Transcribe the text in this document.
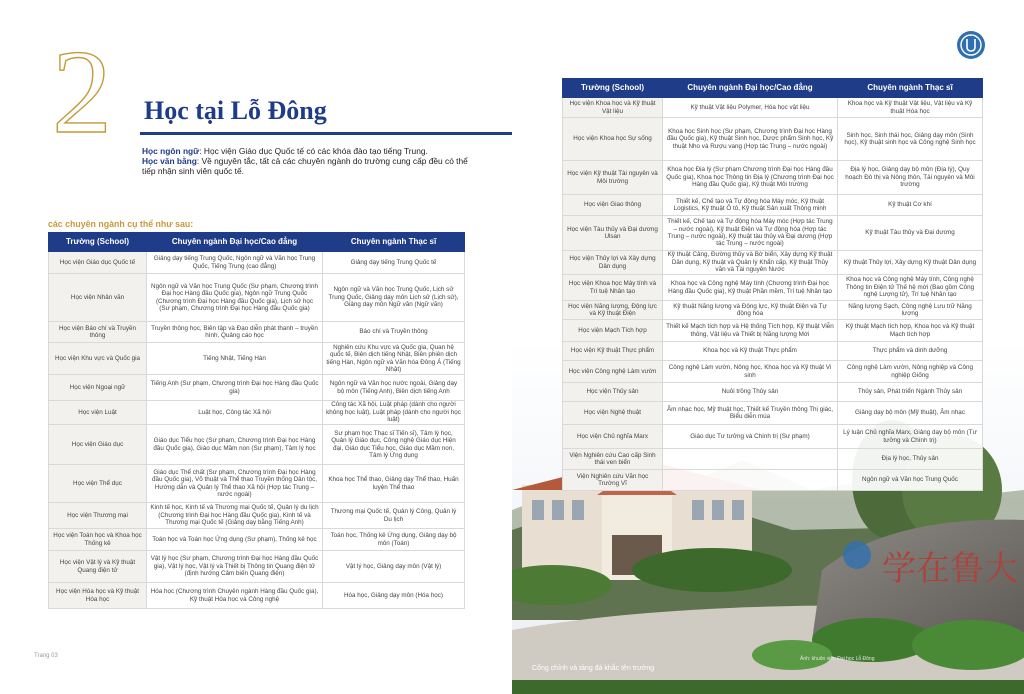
2 Học tại Lỗ Đông
Học ngôn ngữ: Học viện Giáo dục Quốc tế có các khóa đào tạo tiếng Trung.
Học văn bằng: Về nguyên tắc, tất cả các chuyên ngành do trường cung cấp đều có thể tiếp nhận sinh viên quốc tế.
các chuyên ngành cụ thể như sau:
Trường (School)	Chuyên ngành Đại học/Cao đẳng	Chuyên ngành Thạc sĩ
Học viện Giáo dục Quốc tế	Giảng dạy tiếng Trung Quốc, Ngôn ngữ và Văn học Trung Quốc, Tiếng Trung (cao đẳng)	Giảng dạy tiếng Trung Quốc tế
Học viện Nhân văn	Ngôn ngữ và Văn học Trung Quốc (Sư phạm, Chương trình Đại học Hàng đầu Quốc gia), Ngôn ngữ Trung Quốc (Chương trình Đại học Hàng đầu Quốc gia), Lịch sử học (Sư phạm, Chương trình Đại học Hàng đầu Quốc gia)	Ngôn ngữ và Văn học Trung Quốc, Lịch sử Trung Quốc, Giảng dạy môn Lịch sử (Lịch sử), Giảng dạy môn Ngữ văn (Ngữ văn)
Học viện Báo chí và Truyền thông	Truyền thông học, Biên tập và Đạo diễn phát thanh – truyền hình, Quảng cáo học	Báo chí và Truyền thông
Học viện Khu vực và Quốc gia	Tiếng Nhật, Tiếng Hàn	Nghiên cứu Khu vực và Quốc gia, Quan hệ quốc tế, Biên dịch tiếng Nhật, Biên phiên dịch tiếng Hàn, Ngôn ngữ và Văn hóa Đông Á (Tiếng Nhật)
Học viện Ngoại ngữ	Tiếng Anh (Sư phạm, Chương trình Đại học Hàng đầu Quốc gia)	Ngôn ngữ và Văn học nước ngoài, Giảng dạy bộ môn (Tiếng Anh), Biên dịch tiếng Anh
Học viện Luật	Luật học, Công tác Xã hội	Công tác Xã hội, Luật pháp (dành cho người không học luật), Luật pháp (dành cho người học luật)
Học viện Giáo dục	Giáo dục Tiểu học (Sư phạm, Chương trình Đại học Hàng đầu Quốc gia), Giáo dục Mầm non (Sư phạm), Tâm lý học	Sư phạm học Thạc sĩ Tiến sĩ), Tâm lý học, Quản lý Giáo dục, Công nghệ Giáo dục Hiện đại, Giáo dục Tiểu học, Giáo dục Mầm non, Tâm lý Ứng dụng
Học viện Thể dục	Giáo dục Thể chất (Sư phạm, Chương trình Đại học Hàng đầu Quốc gia), Võ thuật và Thể thao Truyền thống Dân tộc, Hướng dẫn và Quản lý Thể thao Xã hội (Hợp tác Trung – nước ngoài)	Khoa học Thể thao, Giảng dạy Thể thao, Huấn luyện Thể thao
Học viện Thương mại	Kinh tế học, Kinh tế và Thương mại Quốc tế, Quản lý du lịch (Chương trình Đại học Hàng đầu Quốc gia), Kinh tế và Thương mại Quốc tế (Giảng dạy bằng Tiếng Anh)	Thương mại Quốc tế, Quản lý Công, Quản lý Du lịch
Học viện Toán học và Khoa học Thống kê	Toán học và Toán học Ứng dụng (Sư phạm), Thống kê học	Toán học, Thống kê Ứng dụng, Giảng dạy bộ môn (Toán)
Học viện Vật lý và Kỹ thuật Quang điện tử	Vật lý học (Sư phạm, Chương trình Đại học Hàng đầu Quốc gia), Vật lý học, Vật lý và Thiết bị Thông tin Quang điện tử (định hướng Cảm biến Quang điện)	Vật lý học, Giảng dạy môn (Vật lý)
Học viện Hóa học và Kỹ thuật Hóa học	Hóa học (Chương trình Chuyên ngành Hàng đầu Quốc gia), Kỹ thuật Hóa học và Công nghệ	Hóa học, Giảng dạy môn (Hóa học)
Trang 03
学在鲁大
Cổng chính và tảng đá khắc tên trường
Ảnh: khuôn viên Đại học Lỗ Đông
Trường (School)	Chuyên ngành Đại học/Cao đẳng	Chuyên ngành Thạc sĩ
Học viện Khoa học và Kỹ thuật Vật liệu	Kỹ thuật Vật liệu Polymer, Hóa học vật liệu	Khoa học và Kỹ thuật Vật liệu, Vật liệu và Kỹ thuật Hóa học
Học viện Khoa học Sự sống	Khoa học Sinh học (Sư phạm, Chương trình Đại học Hàng đầu Quốc gia), Kỹ thuật Sinh học, Dược phẩm Sinh học, Kỹ thuật Nho và Rượu vang (Hợp tác Trung – nước ngoài)	Sinh học, Sinh thái học, Giảng dạy môn (Sinh học), Kỹ thuật sinh học và Công nghệ Sinh học
Học viện Kỹ thuật Tài nguyên và Môi trường	Khoa học Địa lý (Sư phạm Chương trình Đại học Hàng đầu Quốc gia), Khoa học Thông tin Địa lý (Chương trình Đại học Hàng đầu Quốc gia), Kỹ thuật Môi trường	Địa lý học, Giảng dạy bộ môn (Địa lý), Quy hoạch Đô thị và Nông thôn, Tài nguyên và Môi trường
Học viện Giao thông	Thiết kế, Chế tạo và Tự động hóa Máy móc, Kỹ thuật Logistics, Kỹ thuật Ô tô, Kỹ thuật Sản xuất Thông minh	Kỹ thuật Cơ khí
Học viện Tàu thủy và Đại dương Ulsan	Thiết kế, Chế tạo và Tự động hóa Máy móc (Hợp tác Trung – nước ngoài), Kỹ thuật Điện và Tự động hóa (Hợp tác Trung – nước ngoài), Kỹ thuật tàu thủy và Đại dương (Hợp tác Trung – nước ngoài)	Kỹ thuật Tàu thủy và Đại dương
Học viện Thủy lợi và Xây dựng Dân dụng	Kỹ thuật Cảng, Đường thủy và Bờ biển, Xây dựng Kỹ thuật Dân dụng, Kỹ thuật và Quản lý Khẩn cấp, Kỹ thuật Thủy văn và Tài nguyên Nước	Kỹ thuật Thủy lợi, Xây dựng Kỹ thuật Dân dụng
Học viện Khoa học Máy tính và Trí tuệ Nhân tạo	Khoa học và Công nghệ Máy tính (Chương trình Đại học Hàng đầu Quốc gia), Kỹ thuật Phần mềm, Trí tuệ Nhân tạo	Khoa học và Công nghệ Máy tính, Công nghệ Thông tin Điện tử Thế hệ mới (Bao gồm Công nghệ Lượng tử), Trí tuệ Nhân tạo
Học viện Năng lượng, Động lực và Kỹ thuật Điện	Kỹ thuật Năng lượng và Động lực, Kỹ thuật Điện và Tự động hóa	Năng lượng Sạch, Công nghệ Lưu trữ Năng lượng
Học viện Mạch Tích hợp	Thiết kế Mạch tích hợp và Hệ thống Tích hợp, Kỹ thuật Viễn thông, Vật liệu và Thiết bị Năng lượng Mới	Kỹ thuật Mạch tích hợp, Khoa học và Kỹ thuật Mạch tích hợp
Học viện Kỹ thuật Thực phẩm	Khoa học và Kỹ thuật Thực phẩm	Thực phẩm và dinh dưỡng
Học viện Công nghệ Làm vườn	Công nghệ Làm vườn, Nông học, Khoa học và Kỹ thuật Vi sinh	Công nghệ Làm vườn, Nông nghiệp và Công nghiệp Giống
Học viện Thủy sản	Nuôi trồng Thủy sản	Thủy sản, Phát triển Ngành Thủy sản
Học viện Nghệ thuật	Âm nhạc học, Mỹ thuật học, Thiết kế Truyền thông Thị giác, Biểu diễn múa	Giảng dạy bộ môn (Mỹ thuật), Âm nhạc
Học viện Chủ nghĩa Marx	Giáo dục Tư tưởng và Chính trị (Sư phạm)	Lý luận Chủ nghĩa Marx, Giảng dạy bộ môn (Tư tưởng và Chính trị)
Viện Nghiên cứu Cao cấp Sinh thái ven biển		Địa lý học, Thủy sản
Viện Nghiên cứu Văn học Trường Vĩ		Ngôn ngữ và Văn học Trung Quốc
